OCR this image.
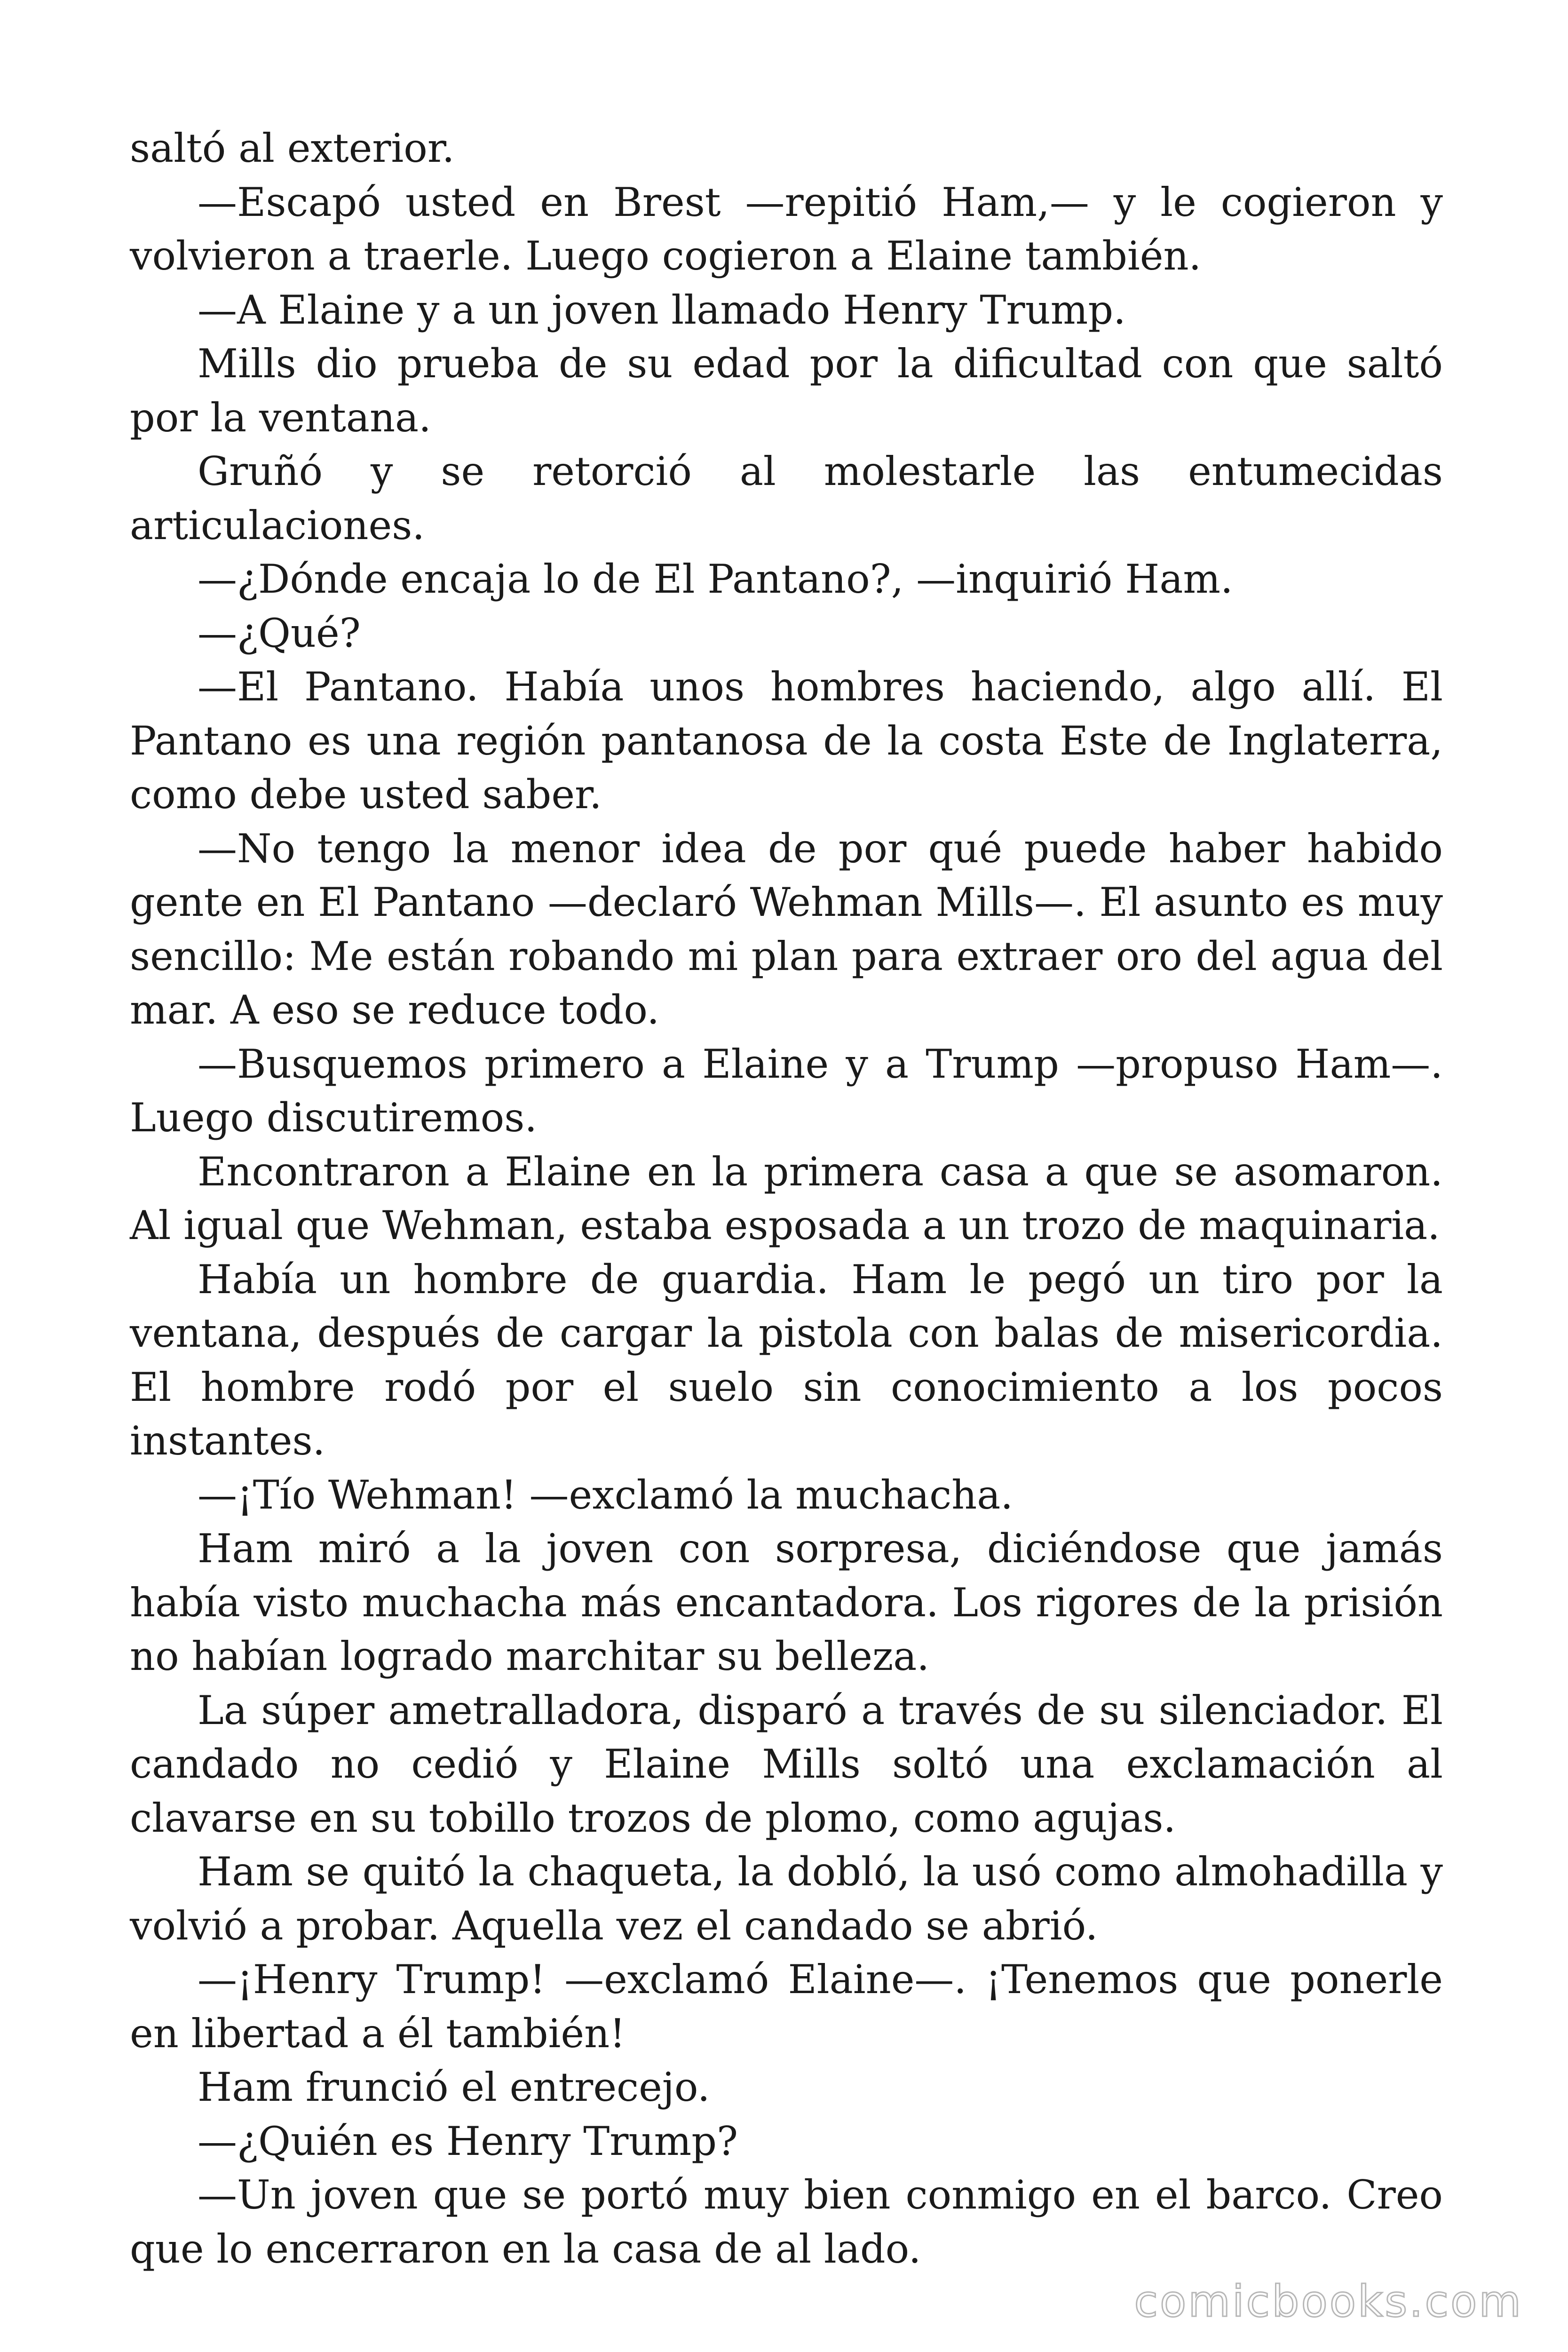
saltó al exterior.

—Escapó usted en Brest —repitió Ham,— y le cogieron y volvieron a traerle. Luego cogieron a Elaine también.

—A Elaine y a un joven llamado Henry Trump.

Mills dio prueba de su edad por la dificultad con que saltó por la ventana.

Gruñó y se retorció al molestarle las entumecidas articulaciones.

—¿Dónde encaja lo de El Pantano?, —inquirió Ham.

—¿Qué?

—El Pantano. Había unos hombres haciendo, algo allí. El Pantano es una región pantanosa de la costa Este de Inglaterra, como debe usted saber.

—No tengo la menor idea de por qué puede haber habido gente en El Pantano —declaró Wehman Mills—. El asunto es muy sencillo: Me están robando mi plan para extraer oro del agua del mar. A eso se reduce todo.

—Busquemos primero a Elaine y a Trump —propuso Ham—. Luego discutiremos.

Encontraron a Elaine en la primera casa a que se asomaron. Al igual que Wehman, estaba esposada a un trozo de maquinaria.

Había un hombre de guardia. Ham le pegó un tiro por la ventana, después de cargar la pistola con balas de misericordia. El hombre rodó por el suelo sin conocimiento a los pocos instantes.

—¡Tío Wehman! —exclamó la muchacha.

Ham miró a la joven con sorpresa, diciéndose que jamás había visto muchacha más encantadora. Los rigores de la prisión no habían logrado marchitar su belleza.

La súper ametralladora, disparó a través de su silenciador. El candado no cedió y Elaine Mills soltó una exclamación al clavarse en su tobillo trozos de plomo, como agujas.

Ham se quitó la chaqueta, la dobló, la usó como almohadilla y volvió a probar. Aquella vez el candado se abrió.

—¡Henry Trump! —exclamó Elaine—. ¡Tenemos que ponerle en libertad a él también!

Ham frunció el entrecejo.

—¿Quién es Henry Trump?

—Un joven que se portó muy bien conmigo en el barco. Creo que lo encerraron en la casa de al lado.

comicbooks.com
